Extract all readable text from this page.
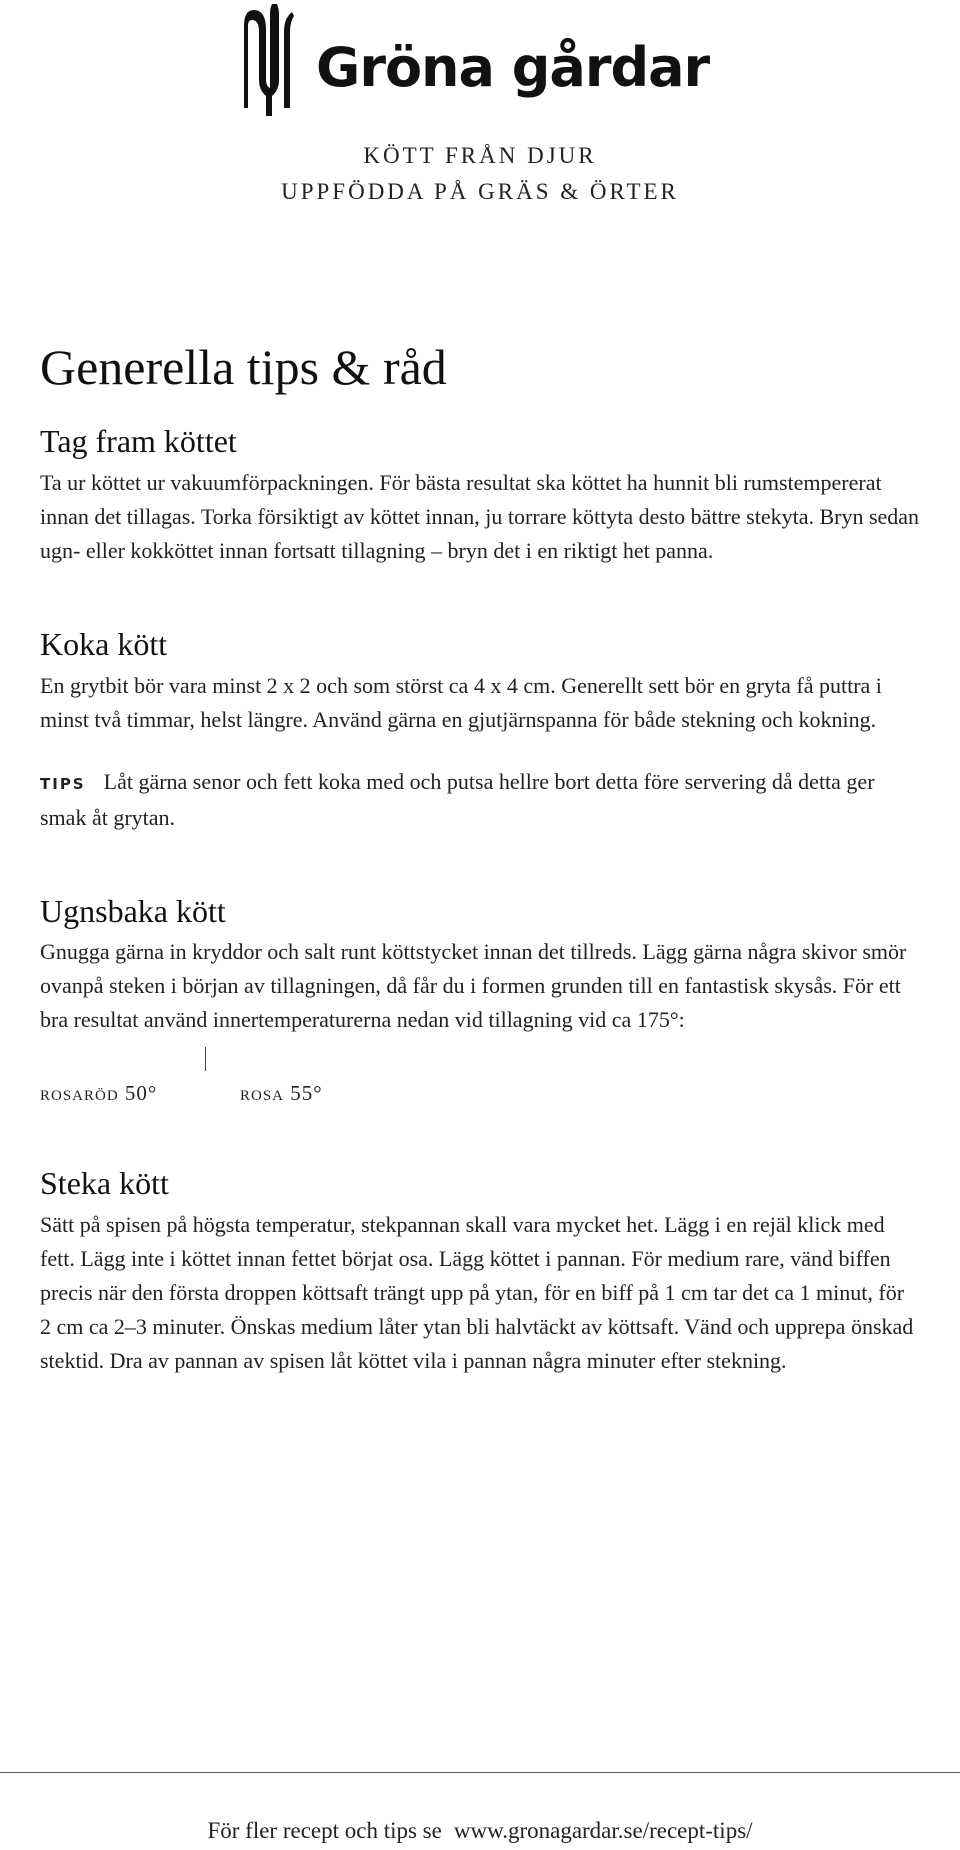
Gröna gårdar
KÖTT FRÅN DJUR
UPPFÖDDA PÅ GRÄS & ÖRTER
Generella tips & råd
Tag fram köttet

Ta ur köttet ur vakuumförpackningen. För bästa resultat ska köttet ha hunnit bli rumstempererat innan det tillagas. Torka försiktigt av köttet innan, ju torrare köttyta desto bättre stekyta. Bryn sedan ugn- eller kokköttet innan fortsatt tillagning – bryn det i en riktigt het panna.

Koka kött

En grytbit bör vara minst 2 x 2 och som störst ca 4 x 4 cm. Generellt sett bör en gryta få puttra i minst två timmar, helst längre. Använd gärna en gjutjärnspanna för både stekning och kokning.

TIPS Låt gärna senor och fett koka med och putsa hellre bort detta före servering då detta ger smak åt grytan.

Ugnsbaka kött

Gnugga gärna in kryddor och salt runt köttstycket innan det tillreds. Lägg gärna några skivor smör ovanpå steken i början av tillagningen, då får du i formen grunden till en fantastisk skysås. För ett bra resultat använd innertemperaturerna nedan vid tillagning vid ca 175°:

rosaröd 50°	rosa 55°
Steka kött

Sätt på spisen på högsta temperatur, stekpannan skall vara mycket het. Lägg i en rejäl klick med fett. Lägg inte i köttet innan fettet börjat osa. Lägg köttet i pannan. För medium rare, vänd biffen precis när den första droppen köttsaft trängt upp på ytan, för en biff på 1 cm tar det ca 1 minut, för 2 cm ca 2–3 minuter. Önskas medium låter ytan bli halvtäckt av köttsaft. Vänd och upprepa önskad stektid. Dra av pannan av spisen låt köttet vila i pannan några minuter efter stekning.

För fler recept och tips se www.gronagardar.se/recept-tips/
